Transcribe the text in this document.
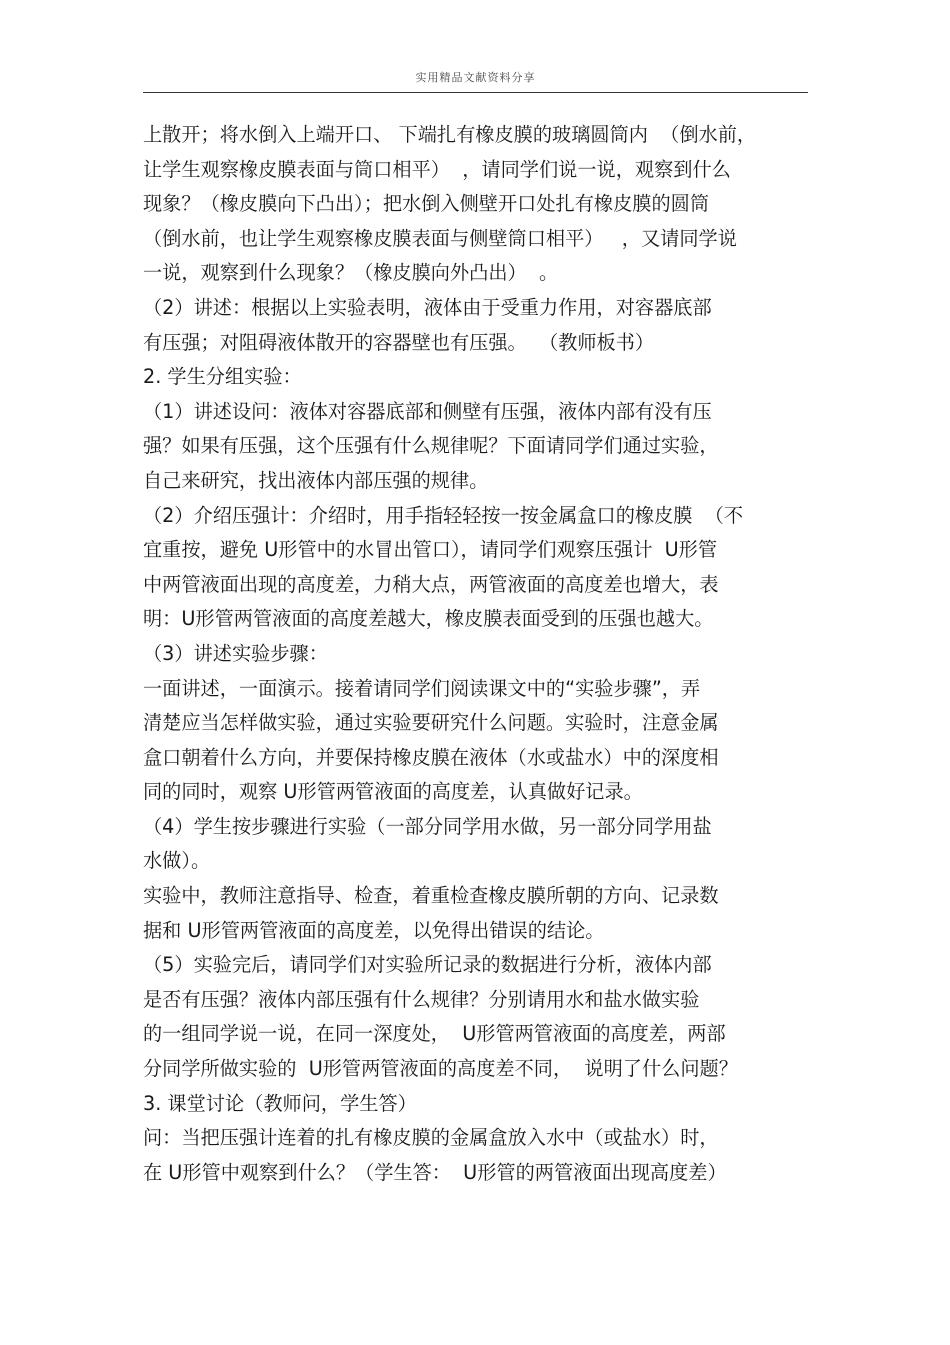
实用精品文献资料分享
上散开；将水倒入上端开口、 下端扎有橡皮膜的玻璃圆筒内  （倒水前，
让学生观察橡皮膜表面与筒口相平）  ，请同学们说一说，观察到什么
现象？（橡皮膜向下凸出）；把水倒入侧壁开口处扎有橡皮膜的圆筒
（倒水前，也让学生观察橡皮膜表面与侧壁筒口相平）   ，又请同学说
一说，观察到什么现象？（橡皮膜向外凸出）  。
（2）讲述：根据以上实验表明，液体由于受重力作用，对容器底部
有压强；对阻碍液体散开的容器壁也有压强。  （教师板书）
2. 学生分组实验：
（1）讲述设问：液体对容器底部和侧壁有压强，液体内部有没有压
强？如果有压强，这个压强有什么规律呢？下面请同学们通过实验，
自己来研究，找出液体内部压强的规律。
（2）介绍压强计：介绍时，用手指轻轻按一按金属盒口的橡皮膜  （不
宜重按，避免 U形管中的水冒出管口），请同学们观察压强计  U形管
中两管液面出现的高度差，力稍大点，两管液面的高度差也增大，表
明：U形管两管液面的高度差越大，橡皮膜表面受到的压强也越大。
（3）讲述实验步骤：
一面讲述，一面演示。接着请同学们阅读课文中的“实验步骤”，弄
清楚应当怎样做实验，通过实验要研究什么问题。实验时，注意金属
盒口朝着什么方向，并要保持橡皮膜在液体（水或盐水）中的深度相
同的同时，观察 U形管两管液面的高度差，认真做好记录。
（4）学生按步骤进行实验（一部分同学用水做，另一部分同学用盐
水做）。
实验中，教师注意指导、检查，着重检查橡皮膜所朝的方向、记录数
据和 U形管两管液面的高度差，以免得出错误的结论。
（5）实验完后，请同学们对实验所记录的数据进行分析，液体内部
是否有压强？液体内部压强有什么规律？分别请用水和盐水做实验
的一组同学说一说，在同一深度处，  U形管两管液面的高度差，两部
分同学所做实验的  U形管两管液面的高度差不同，  说明了什么问题？
3. 课堂讨论（教师问，学生答）
问：当把压强计连着的扎有橡皮膜的金属盒放入水中（或盐水）时，
在 U形管中观察到什么？（学生答：  U形管的两管液面出现高度差）
